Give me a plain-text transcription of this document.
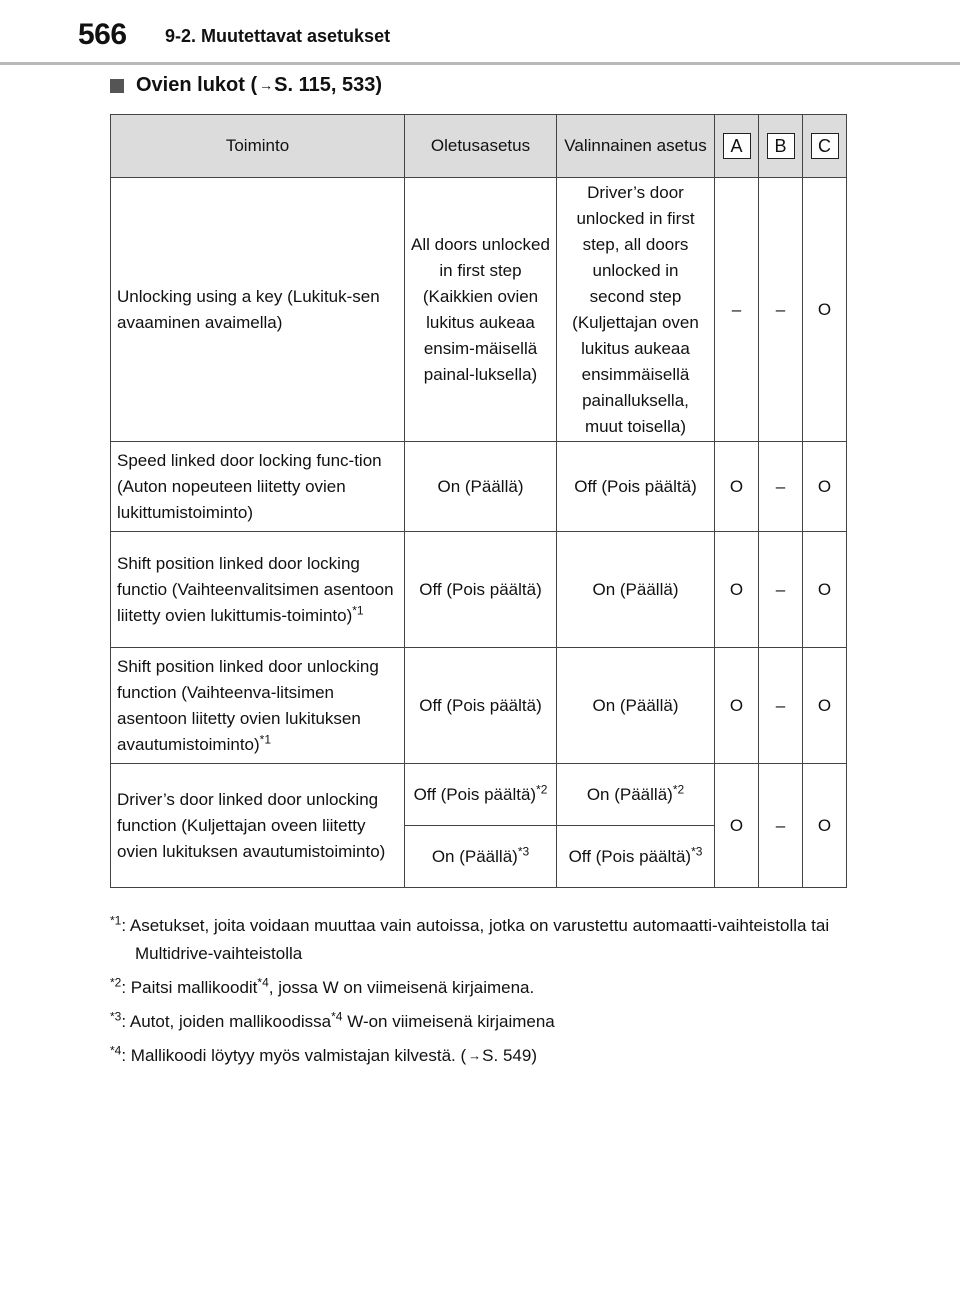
566 9-2. Muutettavat asetukset
Ovien lukot ( → S. 115, 533)
Toiminto	Oletusasetus	Valinnainen asetus	A	B	C
Unlocking using a key (Lukituk-sen avaaminen avaimella)	All doors unlocked in first step (Kaikkien ovien lukitus aukeaa ensim-mäisellä painal-luksella)	Driver’s door unlocked in first step, all doors unlocked in second step (Kuljettajan oven lukitus aukeaa ensimmäisellä painalluksella, muut toisella)	–	–	O
Speed linked door locking func-tion (Auton nopeuteen liitetty ovien lukittumistoiminto)	On (Päällä)	Off (Pois päältä)	O	–	O
Shift position linked door locking functio (Vaihteenvalitsimen asentoon liitetty ovien lukittumis-toiminto)$^{*1}$	Off (Pois päältä)	On (Päällä)	O	–	O
Shift position linked door unlocking function (Vaihteenva-litsimen asentoon liitetty ovien lukituksen avautumistoiminto)$^{*1}$	Off (Pois päältä)	On (Päällä)	O	–	O
Driver’s door linked door unlocking function (Kuljettajan oveen liitetty ovien lukituksen avautumistoiminto)	Off (Pois päältä)$^{*2}$	On (Päällä)$^{*2}$	O	–	O
	On (Päällä)$^{*3}$	Off (Pois päältä)$^{*3}$
$^{*1}$: Asetukset, joita voidaan muuttaa vain autoissa, jotka on varustettu automaatti-vaihteistolla tai Multidrive-vaihteistolla
$^{*2}$: Paitsi mallikoodit$^{*4}$, jossa W on viimeisenä kirjaimena.
$^{*3}$: Autot, joiden mallikoodissa$^{*4}$ W-on viimeisenä kirjaimena
$^{*4}$: Mallikoodi löytyy myös valmistajan kilvestä. ( →S. 549)
